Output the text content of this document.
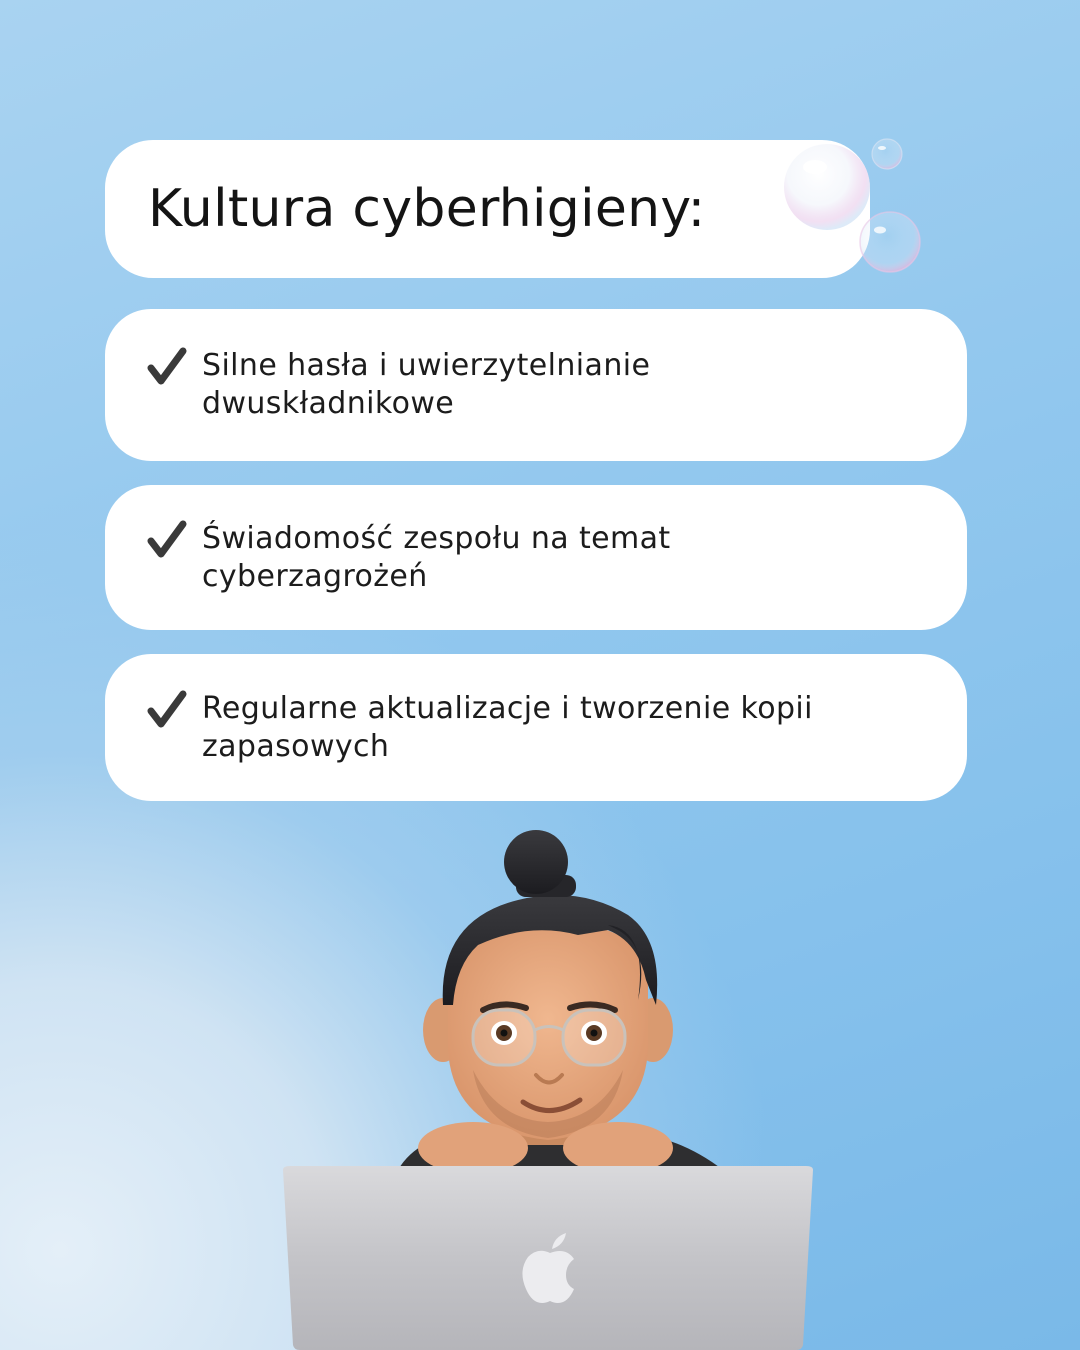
Kultura cyberhigieny:
Silne hasła i uwierzytelnianie dwuskładnikowe
Świadomość zespołu na temat cyberzagrożeń
Regularne aktualizacje i tworzenie kopii zapasowych
